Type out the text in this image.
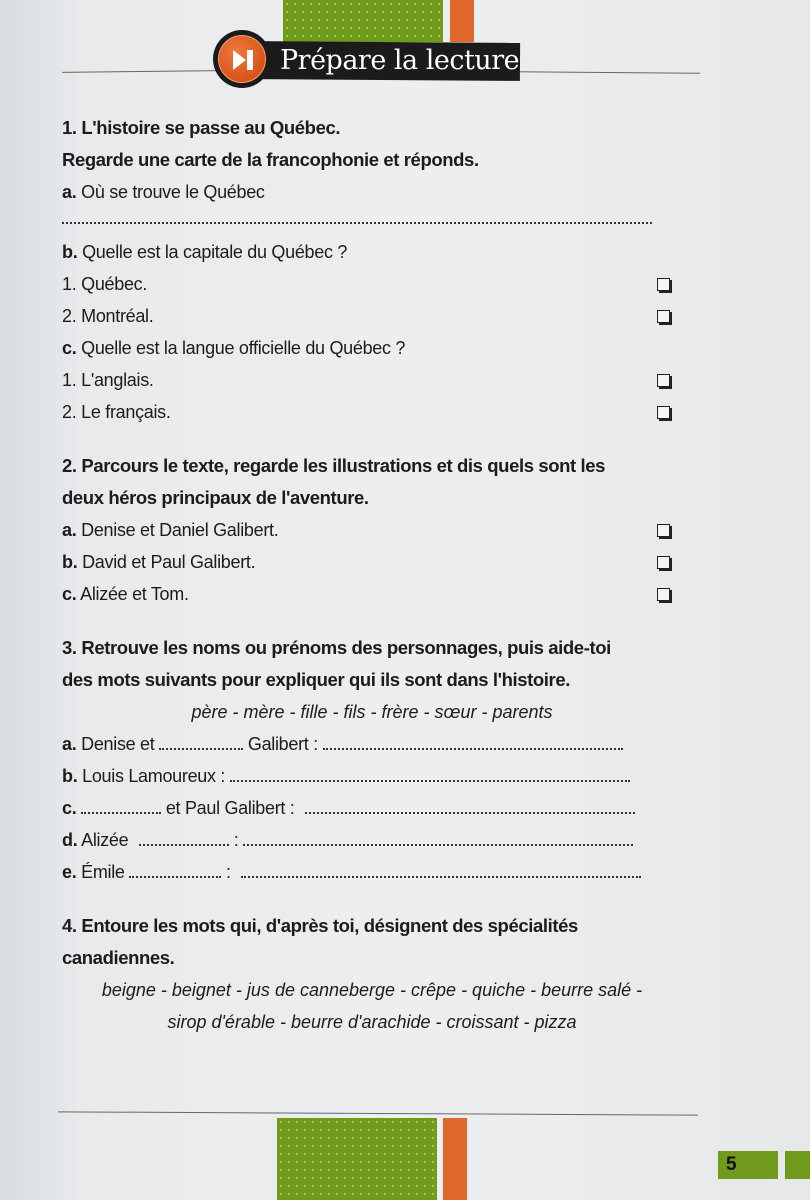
Prépare la lecture
1. L'histoire se passe au Québec.
Regarde une carte de la francophonie et réponds.
a. Où se trouve le Québec
b. Quelle est la capitale du Québec ?
1. Québec.
2. Montréal.
c. Quelle est la langue officielle du Québec ?
1. L'anglais.
2. Le français.
2. Parcours le texte, regarde les illustrations et dis quels sont les
deux héros principaux de l'aventure.
a. Denise et Daniel Galibert.
b. David et Paul Galibert.
c. Alizée et Tom.
3. Retrouve les noms ou prénoms des personnages, puis aide-toi
des mots suivants pour expliquer qui ils sont dans l'histoire.
père - mère - fille - fils - frère - sœur - parents
a. Denise et	Galibert :
b. Louis Lamoureux :
c.	et Paul Galibert :
d. Alizée	:
e. Émile	:
4. Entoure les mots qui, d'après toi, désignent des spécialités
canadiennes.
beigne - beignet - jus de canneberge - crêpe - quiche - beurre salé -
sirop d'érable - beurre d'arachide - croissant - pizza
5
